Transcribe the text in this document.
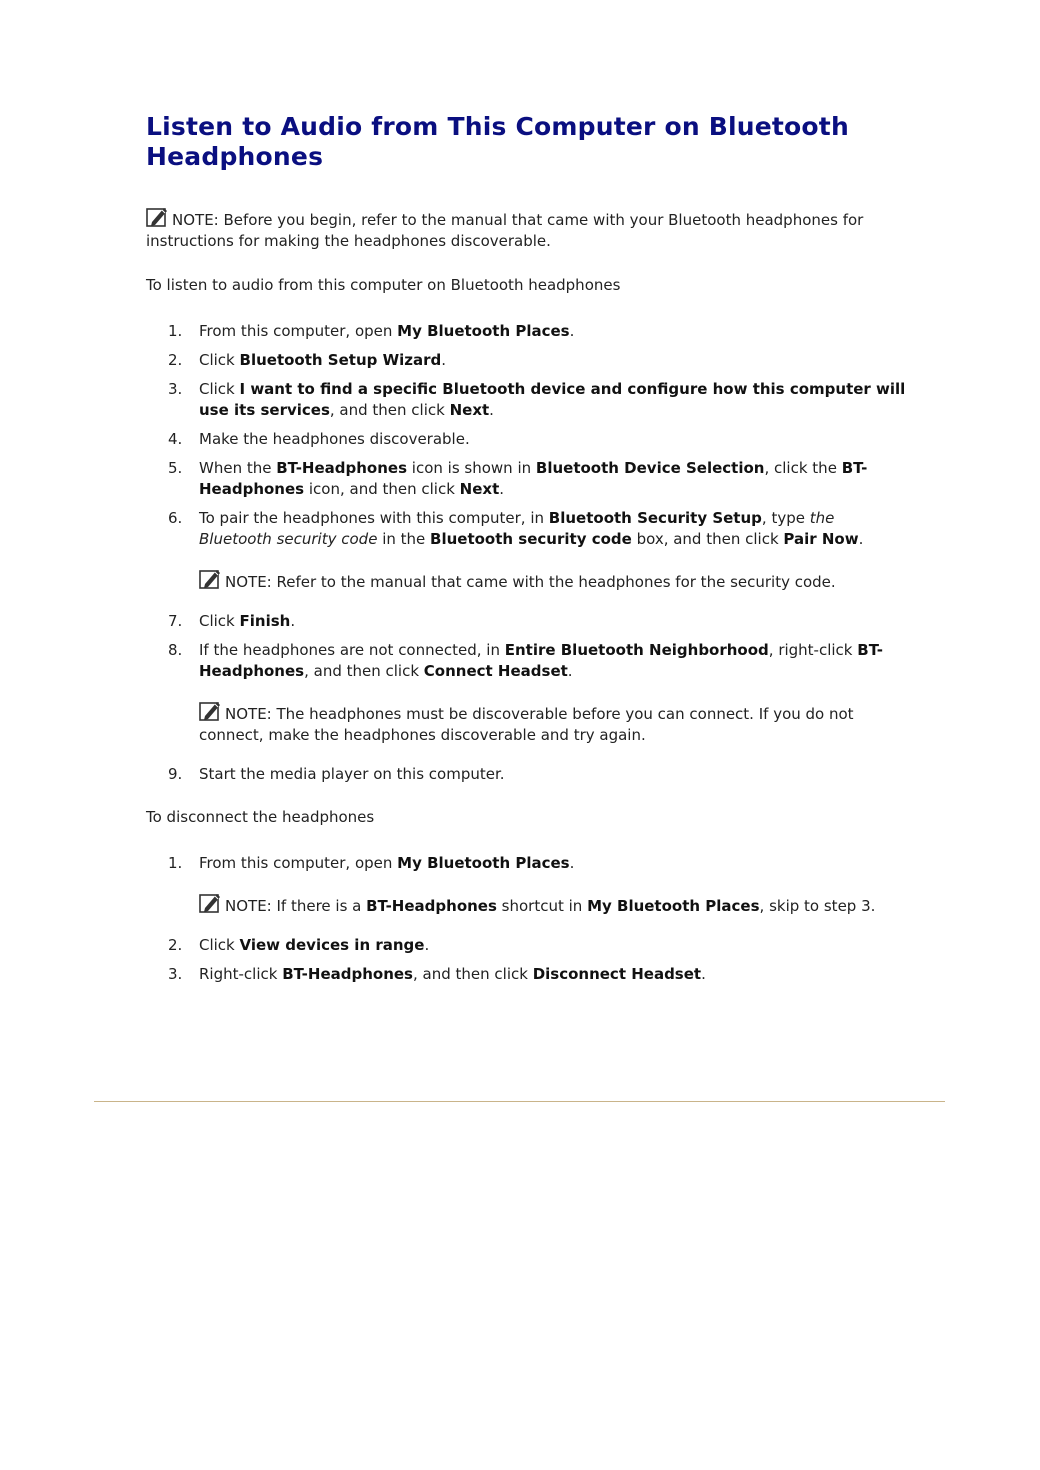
Listen to Audio from This Computer on Bluetooth Headphones

NOTE: Before you begin, refer to the manual that came with your Bluetooth headphones for instructions for making the headphones discoverable.

To listen to audio from this computer on Bluetooth headphones

1.	From this computer, open My Bluetooth Places.
2.	Click Bluetooth Setup Wizard.
3.	Click I want to find a specific Bluetooth device and configure how this computer will use its services, and then click Next.
4.	Make the headphones discoverable.
5.	When the BT-Headphones icon is shown in Bluetooth Device Selection, click the BT-Headphones icon, and then click Next.
6.	To pair the headphones with this computer, in Bluetooth Security Setup, type the Bluetooth security code in the Bluetooth security code box, and then click Pair Now.

NOTE: Refer to the manual that came with the headphones for the security code.

7.	Click Finish.
8.	If the headphones are not connected, in Entire Bluetooth Neighborhood, right-click BT-Headphones, and then click Connect Headset.

NOTE: The headphones must be discoverable before you can connect. If you do not connect, make the headphones discoverable and try again.

9.	Start the media player on this computer.

To disconnect the headphones

1.	From this computer, open My Bluetooth Places.

NOTE: If there is a BT-Headphones shortcut in My Bluetooth Places, skip to step 3.

2.	Click View devices in range.
3.	Right-click BT-Headphones, and then click Disconnect Headset.
